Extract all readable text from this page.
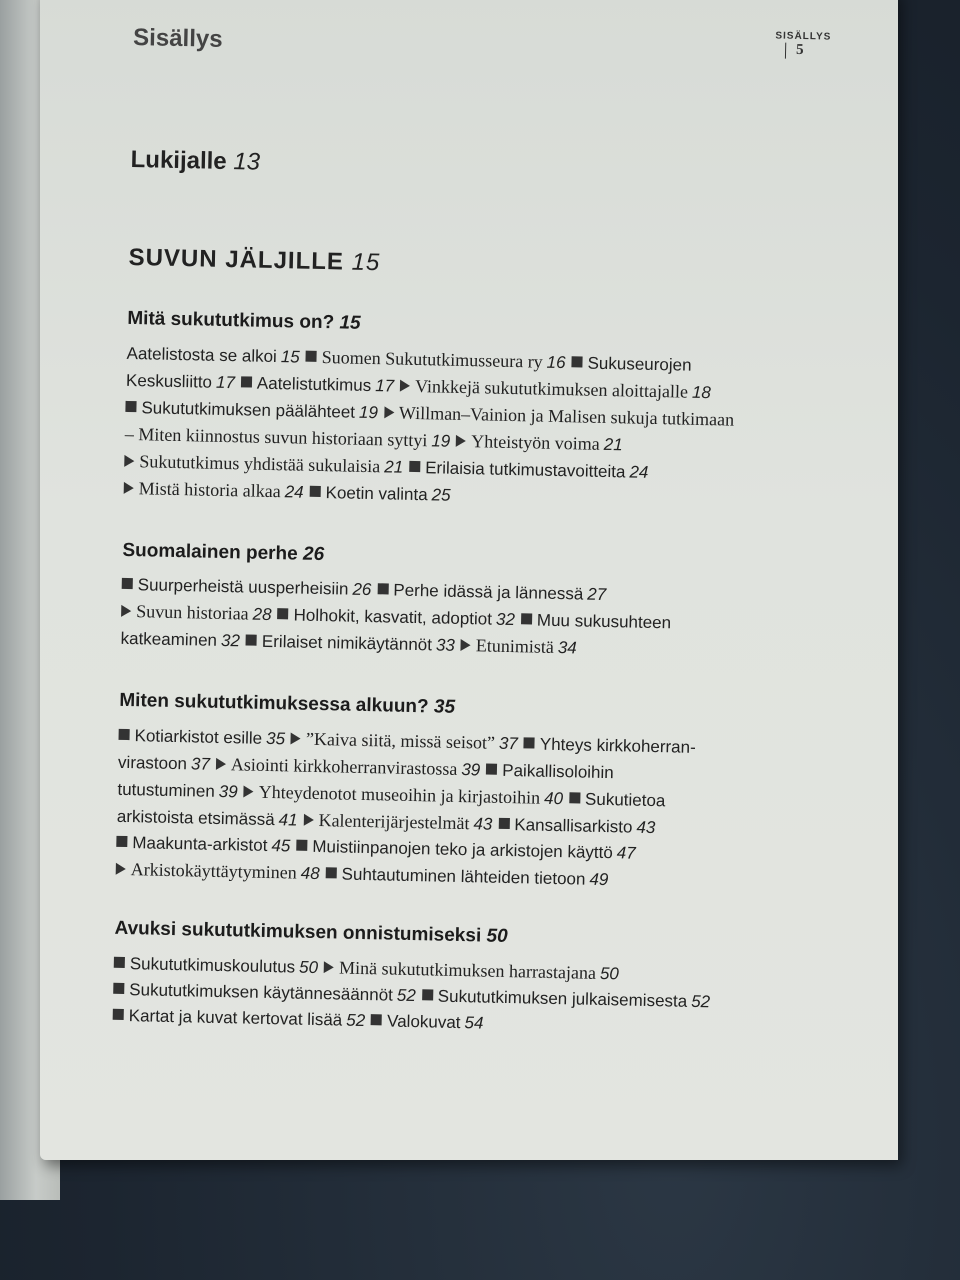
SISÄLLYS5
Sisällys
Lukijalle 13
SUVUN JÄLJILLE 15
Mitä sukututkimus on? 15
Aatelistosta se alkoi 15 Suomen Sukututkimusseura ry 16 Sukuseurojen
Keskusliitto 17 Aatelistutkimus 17 Vinkkejä sukututkimuksen aloittajalle 18
Sukututkimuksen päälähteet 19 Willman–Vainion ja Malisen sukuja tutkimaan
– Miten kiinnostus suvun historiaan syttyi 19 Yhteistyön voima 21
Sukututkimus yhdistää sukulaisia 21 Erilaisia tutkimustavoitteita 24
Mistä historia alkaa 24 Koetin valinta 25
Suomalainen perhe 26
Suurperheistä uusperheisiin 26 Perhe idässä ja lännessä 27
Suvun historiaa 28 Holhokit, kasvatit, adoptiot 32 Muu sukusuhteen
katkeaminen 32 Erilaiset nimikäytännöt 33 Etunimistä 34
Miten sukututkimuksessa alkuun? 35
Kotiarkistot esille 35 ”Kaiva siitä, missä seisot” 37 Yhteys kirkkoherran-
virastoon 37 Asiointi kirkkoherranvirastossa 39 Paikallisoloihin
tutustuminen 39 Yhteydenotot museoihin ja kirjastoihin 40 Sukutietoa
arkistoista etsimässä 41 Kalenterijärjestelmät 43 Kansallisarkisto 43
Maakunta-arkistot 45 Muistiinpanojen teko ja arkistojen käyttö 47
Arkistokäyttäytyminen 48 Suhtautuminen lähteiden tietoon 49
Avuksi sukututkimuksen onnistumiseksi 50
Sukututkimuskoulutus 50 Minä sukututkimuksen harrastajana 50
Sukututkimuksen käytännesäännöt 52 Sukututkimuksen julkaisemisesta 52
Kartat ja kuvat kertovat lisää 52 Valokuvat 54
